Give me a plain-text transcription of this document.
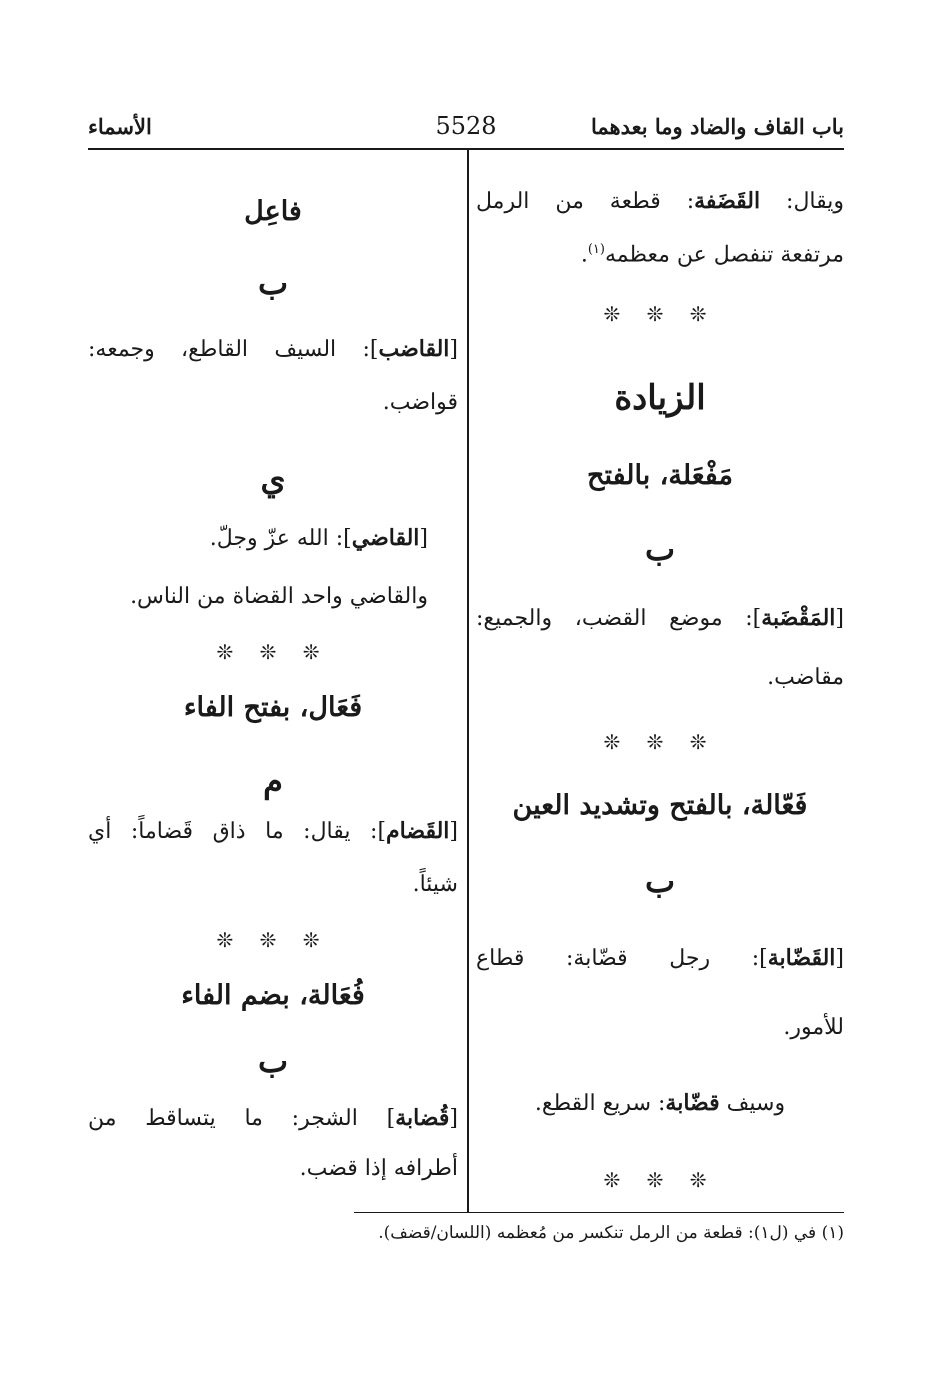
باب القاف والضاد وما بعدهما
5528
الأسماء
ويقال: القَضَفة: قطعة من الرمل
مرتفعة تنفصل عن معظمه$^{(١)}$.
❊ ❊ ❊
الزيادة
مَفْعَلة، بالفتح
ب
[المَقْضَبة]: موضع القضب، والجميع:
مقاضب.
❊ ❊ ❊
فَعّالة، بالفتح وتشديد العين
ب
[القَضّابة]: رجل قضّابة: قطاع
للأمور.
وسيف قضّابة: سريع القطع.
❊ ❊ ❊
فاعِل
ب
[القاضب]: السيف القاطع، وجمعه:
قواضب.
ي
[القاضي]: الله عزّ وجلّ.
والقاضي واحد القضاة من الناس.
❊ ❊ ❊
فَعَال، بفتح الفاء
م
[القَضام]: يقال: ما ذاق قَضاماً: أي
شيئاً.
❊ ❊ ❊
فُعَالة، بضم الفاء
ب
[قُضابة] الشجر: ما يتساقط من
أطرافه إذا قضب.
(١) في (ل١): قطعة من الرمل تنكسر من مُعظمه (اللسان/قضف).
